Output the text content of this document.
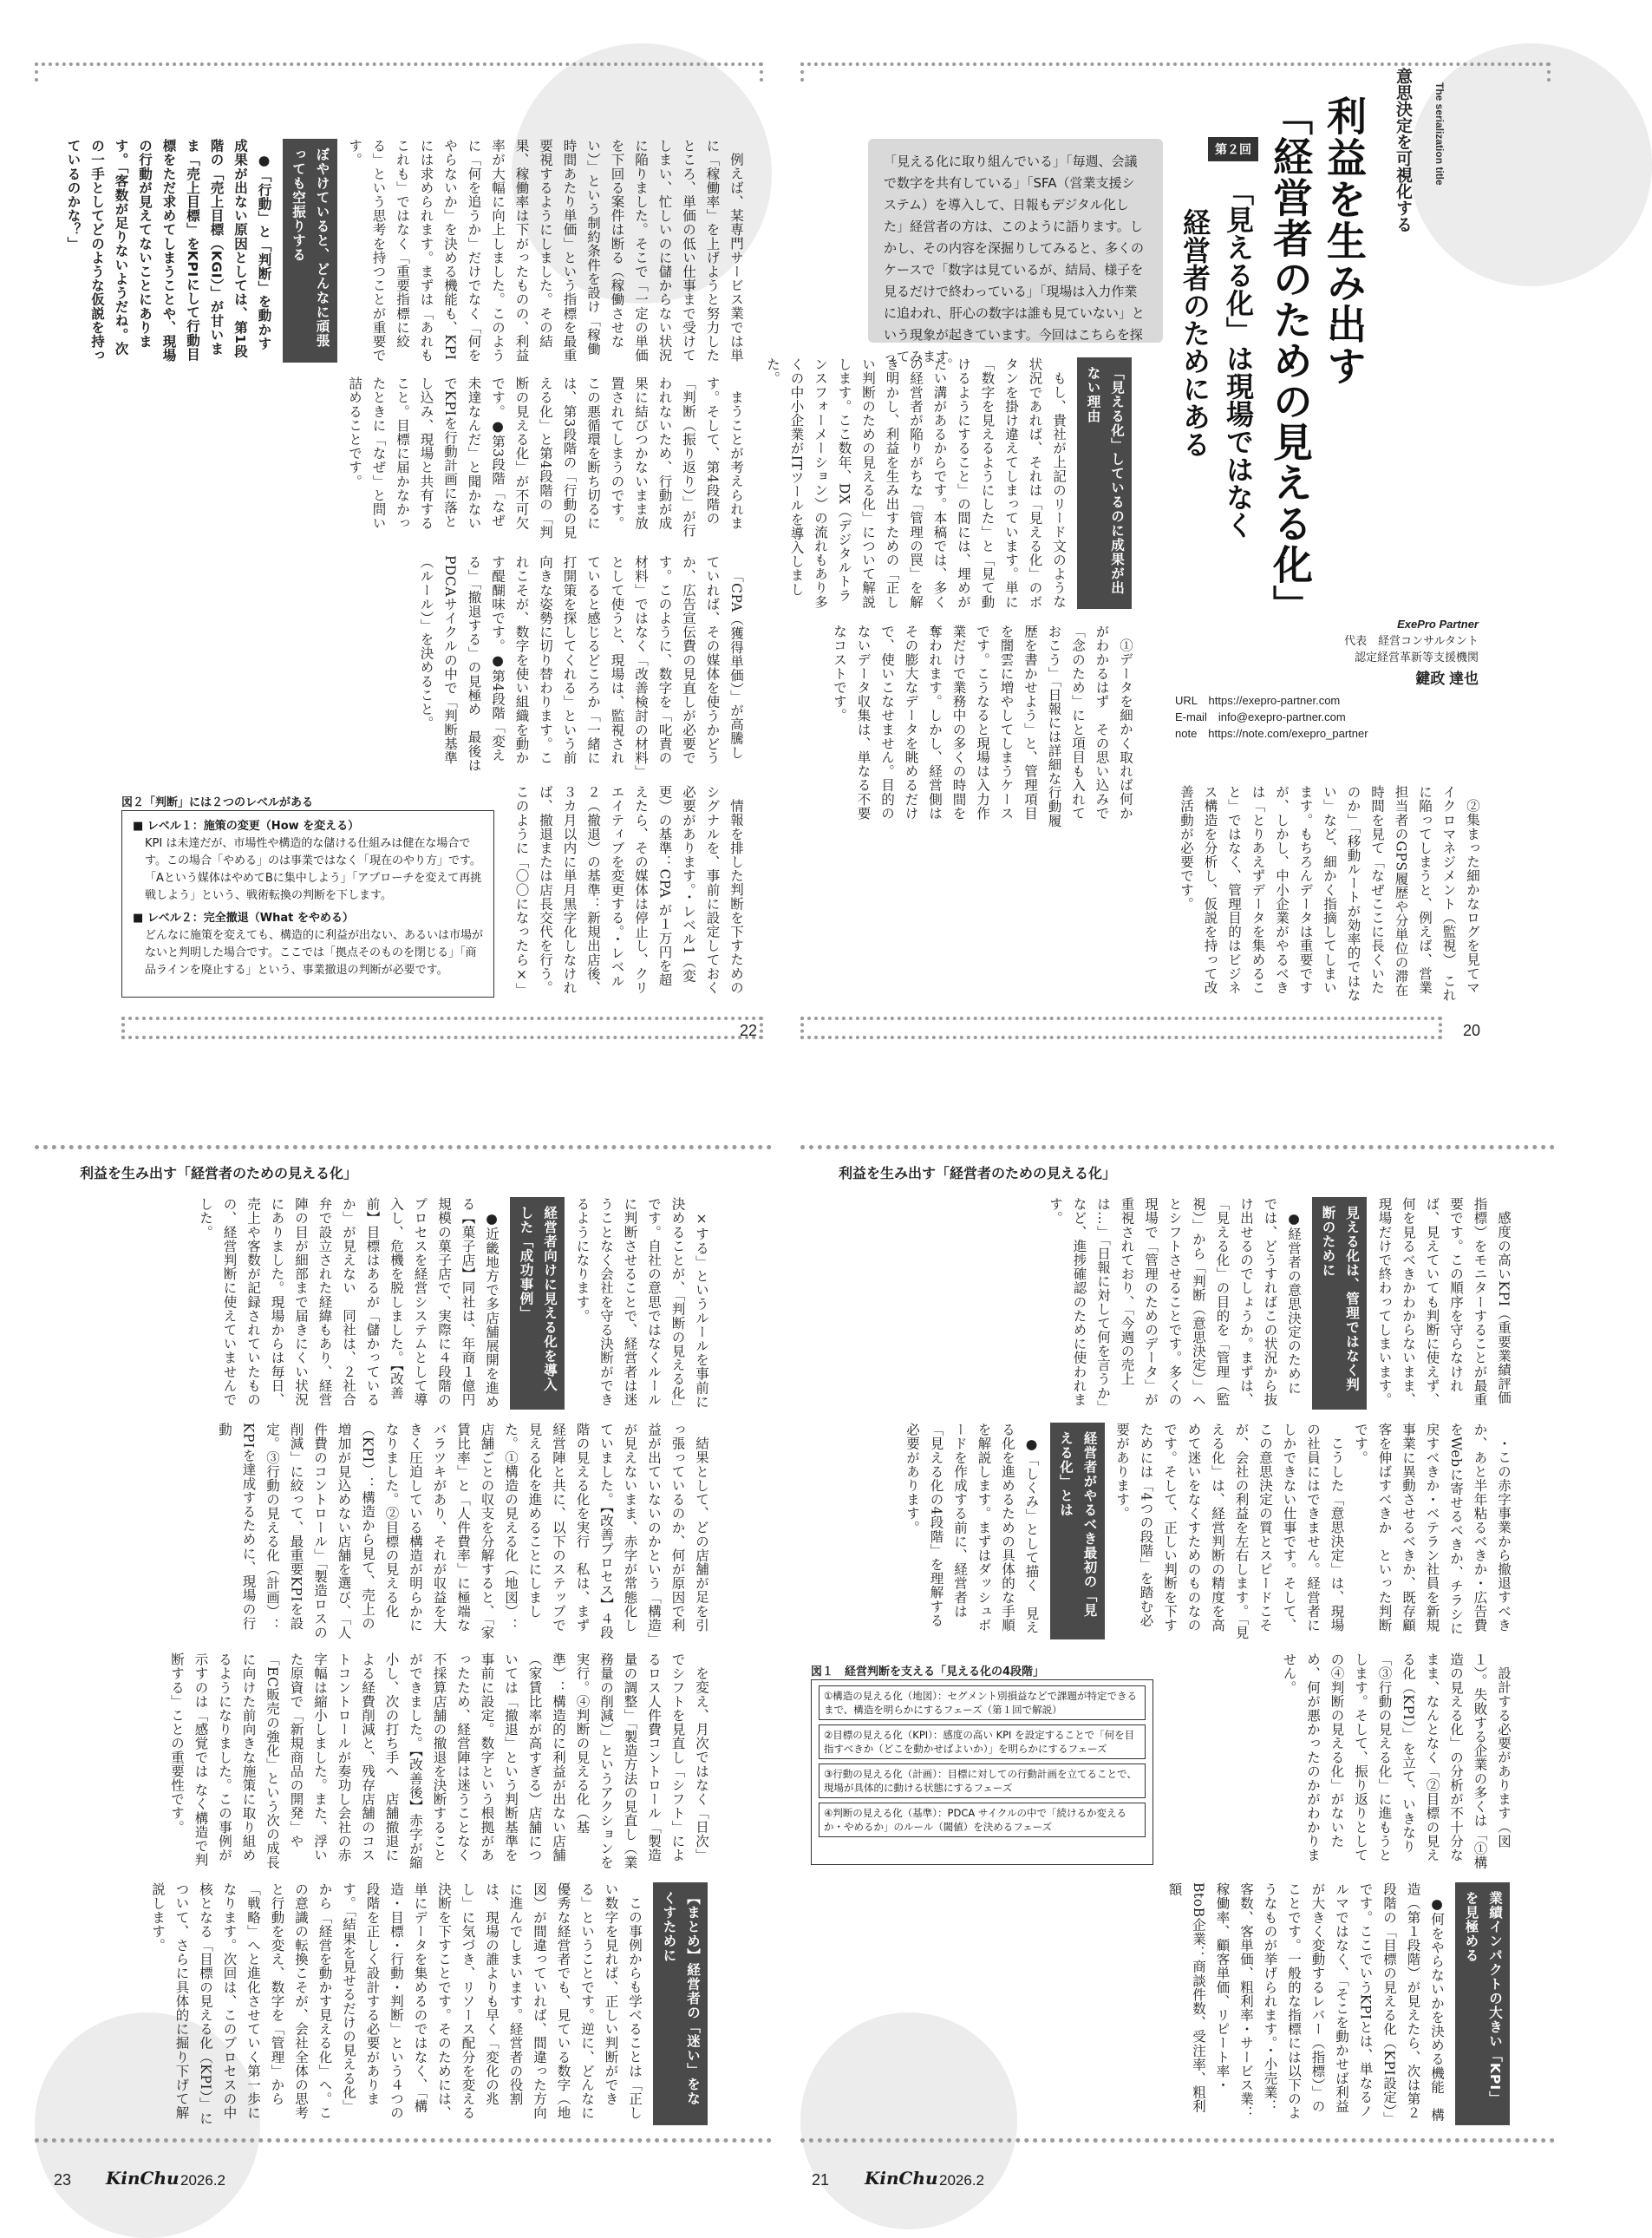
22

例えば、某専門サービス業では単に「稼働率」を上げようと努力したところ、単価の低い仕事まで受けてしまい、忙しいのに儲からない状況に陥りました。そこで「一定の単価を下回る案件は断る（稼働させない）」という制約条件を設け「稼働時間あたり単価」という指標を最重要視するようにしました。その結果、稼働率は下がったものの、利益率が大幅に向上しました。このように「何を追うか」だけでなく「何をやらないか」を決める機能も、KPIには求められます。まずは「あれもこれも」ではなく「重要指標に絞る」という思考を持つことが重要です。

ぼやけていると、どんなに頑張っても空振りする

●「行動」と「判断」を動かす　成果が出ない原因としては、第1段階の「売上目標（KGI）」が甘いまま「売上目標」をKPIにして行動目標をただ求めてしまうことや、現場の行動が見えてないことにあります。「客数が足りないようだね。次の一手としてどのような仮説を持っているのかな？」

まうことが考えられます。そして、第4段階の「判断（振り返り）」が行われないため、行動が成果に結びつかないまま放置されてしまうのです。この悪循環を断ち切るには、第3段階の「行動の見える化」と第4段階の「判断の見える化」が不可欠です。●第3段階「なぜ未達なんだ」と聞かないでKPIを行動計画に落とし込み、現場と共有すること。目標に届かなかったときに「なぜ」と問い詰めることです。

「CPA（獲得単価）」が高騰していれば、その媒体を使うかどうか、広告宣伝費の見直しが必要です。このように、数字を「叱責の材料」ではなく「改善検討の材料」として使うと、現場は、監視されていると感じるどころか「一緒に打開策を探してくれる」という前向きな姿勢に切り替わります。これこそが、数字を使い組織を動かす醍醐味です。●第4段階「変える」「撤退する」の見極め　最後はPDCAサイクルの中で「判断基準（ルール）」を決めること。

情報を排した判断を下すためのシグナルを、事前に設定しておく必要があります。・レベル1（変更）の基準：CPA が１万円を超えたら、その媒体は停止し、クリエイティブを変更する。・レベル２（撤退）の基準：新規出店後、３カ月以内に単月黒字化しなければ、撤退または店長交代を行う。このように「〇〇になったら×」

図２「判断」には２つのレベルがある
■ レベル１：施策の変更（How を変える）
KPI は未達だが、市場性や構造的な儲ける仕組みは健在な場合です。この場合「やめる」のは事業ではなく「現在のやり方」です。「Aという媒体はやめてBに集中しよう」「アプローチを変えて再挑戦しよう」という、戦術転換の判断を下します。
■ レベル２：完全撤退（What をやめる）
どんなに施策を変えても、構造的に利益が出ない、あるいは市場がないと判明した場合です。ここでは「拠点そのものを閉じる」「商品ラインを廃止する」という、事業撤退の判断が必要です。
20
The serialization title
意思決定を可視化する
利益を生み出す
「経営者のための見える化」
第２回
「見える化」は現場ではなく
経営者のためにある
「見える化に取り組んでいる」「毎週、会議で数字を共有している」「SFA（営業支援システム）を導入して、日報もデジタル化した」経営者の方は、このように語ります。しかし、その内容を深掘りしてみると、多くのケースで「数字は見ているが、結局、様子を見るだけで終わっている」「現場は入力作業に追われ、肝心の数字は誰も見ていない」という現象が起きています。今回はこちらを探ってみます。
「見える化」しているのに成果が出ない理由

もし、貴社が上記のリード文のような状況であれば、それは「見える化」のボタンを掛け違えてしまっています。単に「数字を見えるようにした」と「見て動けるようにすること」の間には、埋めがたい溝があるからです。本稿では、多くの経営者が陥りがちな「管理の罠」を解き明かし、利益を生み出すための「正しい判断のための見える化」について解説します。ここ数年、DX（デジタルトランスフォーメーション）の流れもあり多くの中小企業がITツールを導入しました。

ExePro Partner
代表　経営コンサルタント
認定経営革新等支援機関
鍵政 達也
URL　https://exepro-partner.com
E-mail　info@exepro-partner.com
note　https://note.com/exepro_partner

①データを細かく取れば何かがわかるはず　その思い込みで「念のため」にと項目も入れておこう」「日報には詳細な行動履歴を書かせよう」と、管理項目を闇雲に増やしてしまうケースです。こうなると現場は入力作業だけで業務中の多くの時間を奪われます。しかし、経営側はその膨大なデータを眺めるだけで、使いこなせません。目的のないデータ収集は、単なる不要なコストです。

②集まった細かなログを見てマイクロマネジメント（監視）　これに陥ってしまうと、例えば、営業担当者のGPS履歴や分単位の滞在時間を見て「なぜここに長くいたのか」「移動ルートが効率的ではない」など、細かく指摘してしまいます。もちろんデータは重要ですが、しかし、中小企業がやるべきは「とりあえずデータを集めること」ではなく、管理目的はビジネス構造を分析し、仮説を持って改善活動が必要です。

利益を生み出す「経営者のための見える化」

×する」というルールを事前に決めることが、「判断の見える化」です。自社の意思ではなくルールに判断させることで、経営者は迷うことなく会社を守る決断ができるようになります。

経営者向けに見える化を導入した「成功事例」

●近畿地方で多店舗展開を進める【菓子店】同社は、年商１億円規模の菓子店で、実際に４段階のプロセスを経営システムとして導入し、危機を脱しました。【改善前】目標はあるが「儲かっているか」が見えない　同社は、２社合弁で設立された経緯もあり、経営陣の目が細部まで届きにくい状況にありました。現場からは毎日、売上や客数が記録されていたものの、経営判断に使えていませんでした。

結果として、どの店舗が足を引っ張っているのか、何が原因で利益が出ていないのかという「構造」が見えないまま、赤字が常態化していました。【改善プロセス】４段階の見える化を実行　私は、まず経営陣と共に、以下のステップで見える化を進めることにしました。①構造の見える化（地図）：店舗ごとの収支を分解すると、「家賃比率」と「人件費率」に極端なバラツキがあり、それが収益を大きく圧迫している構造が明らかになりました。②目標の見える化（KPI）：構造から見て、売上の増加が見込めない店舗を選び、「人件費のコントロール」「製造ロスの削減」に絞って、最重要KPIを設定。③行動の見える化（計画）：KPIを達成するために、現場の行動

を変え、月次ではなく「日次」でシフトを見直し「シフト」によるロス人件費コントロール「製造量の調整」「製造方法の見直し（業務量の削減）」というアクションを実行。④判断の見える化（基準）：構造的に利益が出ない店舗（家賃比率が高すぎる）店舗については「撤退」という判断基準を事前に設定。数字という根拠があったため、経営陣は迷うことなく不採算店舗の撤退を決断することができました。【改善後】赤字が縮小し、次の打ち手へ　店舗撤退による経費削減と、残存店舗のコストコントロールが奏功し会社の赤字幅は縮小しました。また、浮いた原資で「新規商品の開発」や「EC販売の強化」という次の成長に向けた前向きな施策に取り組めるようになりました。この事例が示すのは「感覚では なく構造で判断する」ことの重要性です。

【まとめ】経営者の「迷い」をなくすために

この事例からも学べることは「正しい数字を見れば、正しい判断ができる」ということです。逆に、どんなに優秀な経営者でも、見ている数字（地図）が間違っていれば、間違った方向に進んでしまいます。経営者の役割は、現場の誰よりも早く「変化の兆し」に気づき、リソース配分を変える決断を下すことです。そのためには、単にデータを集めるのではなく、「構造・目標・行動・判断」という４つの段階を正しく設計する必要があります。「結果を見せるだけの見える化」から「経営を動かす見える化」へ。この意識の転換こそが、会社全体の思考と行動を変え、数字を「管理」から「戦略」へと進化させていく第一歩になります。次回は、このプロセスの中核となる「目標の見える化（KPI）」について、さらに具体的に掘り下げて解説します。

23 KinChu 2026.2
利益を生み出す「経営者のための見える化」

感度の高いKPI（重要業績評価指標）をモニターすることが最重要です。この順序を守らなければ、見えていても判断に使えず、何を見るべきかわからないまま、現場だけで終わってしまいます。

見える化は、管理ではなく判断のために

●経営者の意思決定のために　では、どうすればこの状況から抜け出せるのでしょうか。まずは、「見える化」の目的を「管理（監視）」から「判断（意思決定）」へとシフトさせることです。多くの現場で「管理のためのデータ」が重視されており、「今週の売上は…」「日報に対して何を言うか」など、進捗確認のために使われます。

・この赤字事業から撤退すべきか、あと半年粘るべきか・広告費をWebに寄せるべきか、チラシに戻すべきか・ベテラン社員を新規事業に異動させるべきか、既存顧客を伸ばすべきか　といった判断です。

こうした「意思決定」は、現場の社員にはできません。経営者にしかできない仕事です。そして、この意思決定の質とスピードこそが、会社の利益を左右します。「見える化」は、経営判断の精度を高めて迷いをなくすためのものなのです。そして、正しい判断を下すためには「4つの段階」を踏む必要があります。

経営者がやるべき最初の「見える化」とは

●「しくみ」として描く　見える化を進めるための具体的な手順を解説します。まずはダッシュボードを作成する前に、経営者は「見える化の4段階」を理解する必要があります。

設計する必要があります（図１）。失敗する企業の多くは「①構造の見える化」の分析が不十分なまま、なんとなく「②目標の見える化（KPI）」を立て、いきなり「③行動の見える化」に進もうとします。そして、振り返りとしての④判断の見える化」がないため、何が悪かったのかがわかりません。

図１　経営判断を支える「見える化の4段階」
①構造の見える化（地図）：セグメント別損益などで課題が特定できるまで、構造を明らかにするフェーズ（第１回で解説）
②目標の見える化（KPI）：感度の高い KPI を設定することで「何を目指すべきか（どこを動かせばよいか）」を明らかにするフェーズ
③行動の見える化（計画）：目標に対しての行動計画を立てることで、現場が具体的に動ける状態にするフェーズ
④判断の見える化（基準）：PDCA サイクルの中で「続けるか変えるか・やめるか」のルール（閾値）を決めるフェーズ
業績インパクトの大きい「KPI」を見極める

●何をやらないかを決める機能　構造（第１段階）が見えたら、次は第２段階の「目標の見える化（KPI設定）」です。ここでいうKPIとは、単なるノルマではなく、「そこを動かせば利益が大きく変動するレバー（指標）」のことです。一般的な指標には以下のようなものが挙げられます。・小売業：客数、客単価、粗利率・サービス業：稼働率、顧客単価、リピート率・BtoB企業：商談件数、受注率、粗利額

21 KinChu 2026.2
